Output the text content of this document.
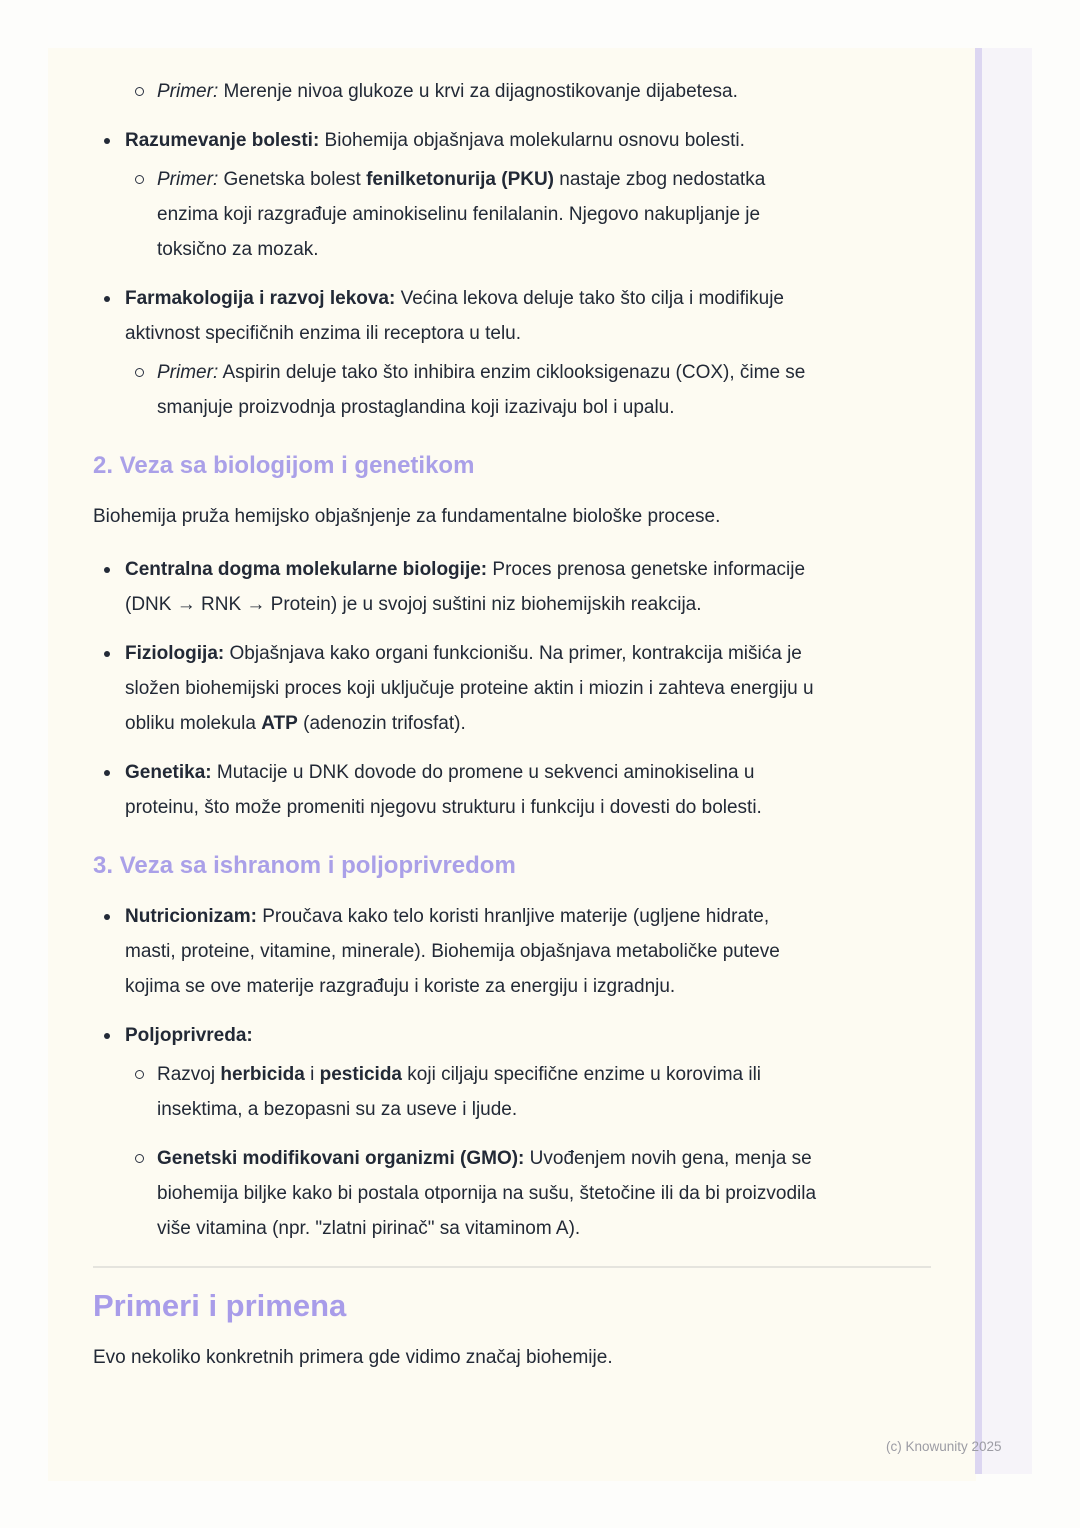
Primer: Merenje nivoa glukoze u krvi za dijagnostikovanje dijabetesa.
Razumevanje bolesti: Biohemija objašnjava molekularnu osnovu bolesti.
Primer: Genetska bolest fenilketonurija (PKU) nastaje zbog nedostatka enzima koji razgrađuje aminokiselinu fenilalanin. Njegovo nakupljanje je toksično za mozak.
Farmakologija i razvoj lekova: Većina lekova deluje tako što cilja i modifikuje aktivnost specifičnih enzima ili receptora u telu.
Primer: Aspirin deluje tako što inhibira enzim ciklooksigenazu (COX), čime se smanjuje proizvodnja prostaglandina koji izazivaju bol i upalu.
2. Veza sa biologijom i genetikom
Biohemija pruža hemijsko objašnjenje za fundamentalne biološke procese.
Centralna dogma molekularne biologije: Proces prenosa genetske informacije (DNK → RNK → Protein) je u svojoj suštini niz biohemijskih reakcija.
Fiziologija: Objašnjava kako organi funkcionišu. Na primer, kontrakcija mišića je složen biohemijski proces koji uključuje proteine aktin i miozin i zahteva energiju u obliku molekula ATP (adenozin trifosfat).
Genetika: Mutacije u DNK dovode do promene u sekvenci aminokiselina u proteinu, što može promeniti njegovu strukturu i funkciju i dovesti do bolesti.
3. Veza sa ishranom i poljoprivredom
Nutricionizam: Proučava kako telo koristi hranljive materije (ugljene hidrate, masti, proteine, vitamine, minerale). Biohemija objašnjava metaboličke puteve kojima se ove materije razgrađuju i koriste za energiju i izgradnju.
Poljoprivreda:
Razvoj herbicida i pesticida koji ciljaju specifične enzime u korovima ili insektima, a bezopasni su za useve i ljude.
Genetski modifikovani organizmi (GMO): Uvođenjem novih gena, menja se biohemija biljke kako bi postala otpornija na sušu, štetočine ili da bi proizvodila više vitamina (npr. "zlatni pirinač" sa vitaminom A).
Primeri i primena
Evo nekoliko konkretnih primera gde vidimo značaj biohemije.
(c) Knowunity 2025
